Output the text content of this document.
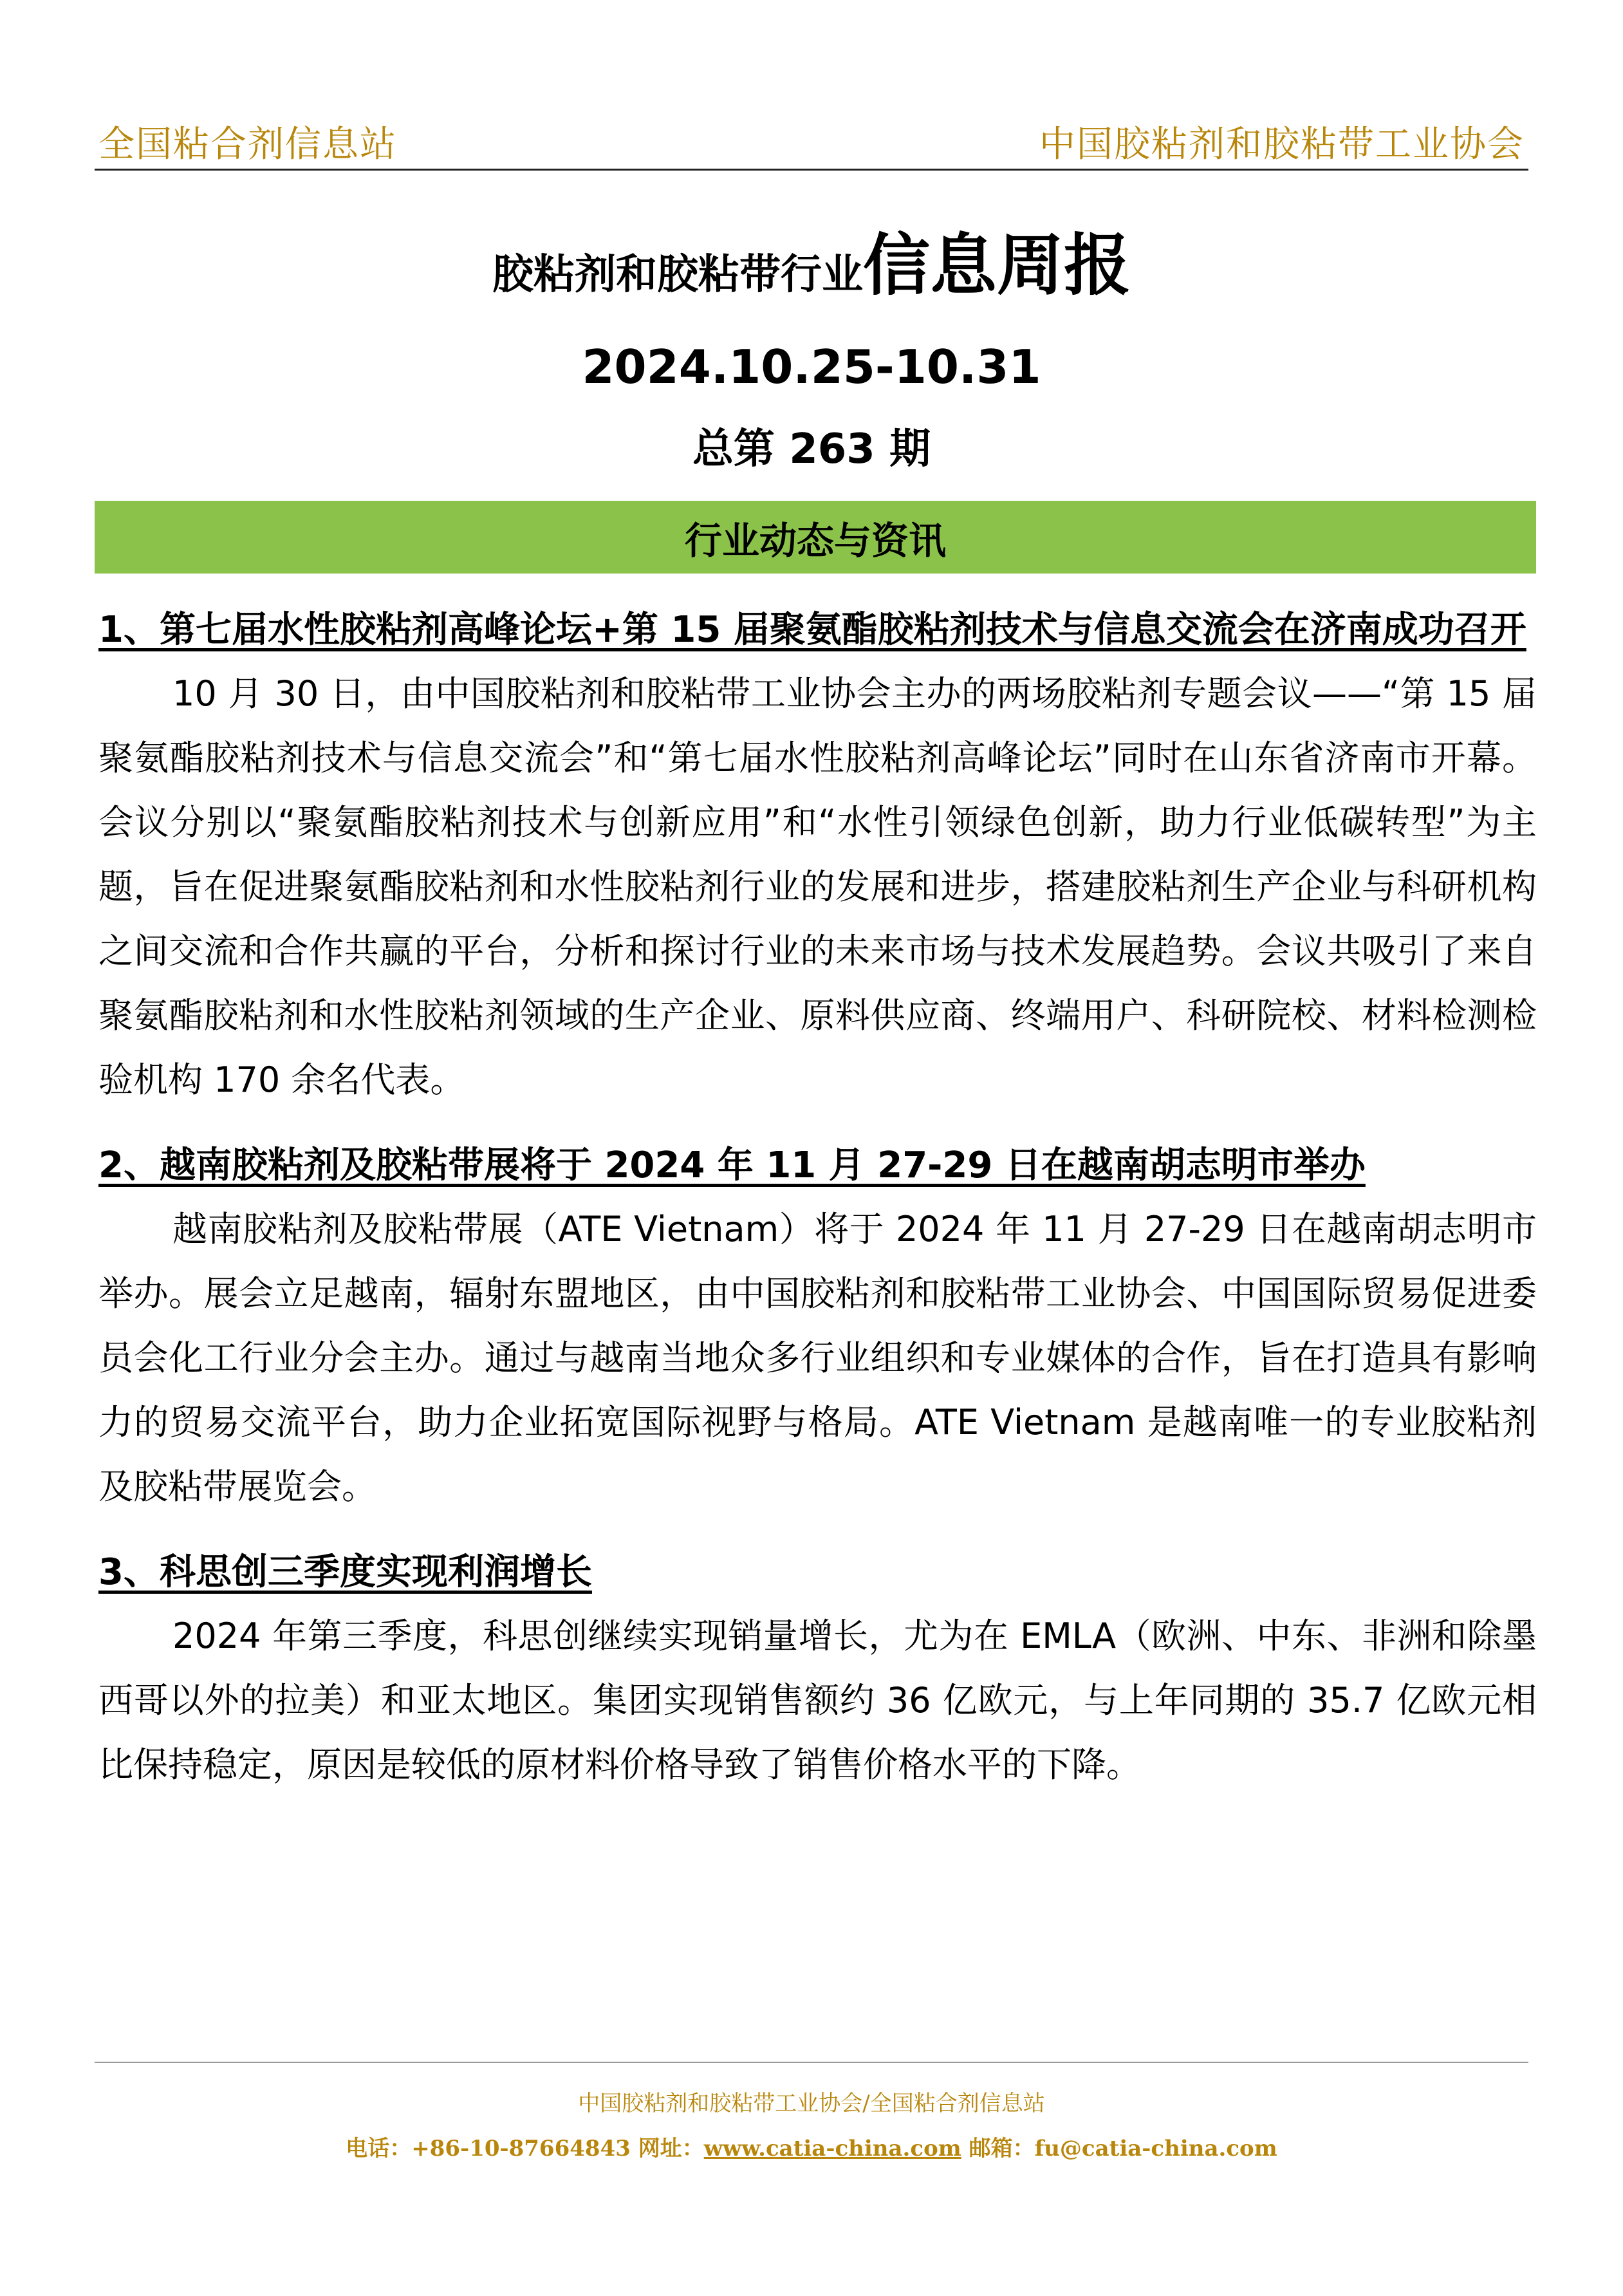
全国粘合剂信息站	中国胶粘剂和胶粘带工业协会
胶粘剂和胶粘带行业信息周报
2024.10.25-10.31
总第 263 期
行业动态与资讯

1、第七届水性胶粘剂高峰论坛+第 15 届聚氨酯胶粘剂技术与信息交流会在济南成功召开

10 月 30 日，由中国胶粘剂和胶粘带工业协会主办的两场胶粘剂专题会议——“第 15 届聚氨酯胶粘剂技术与信息交流会”和“第七届水性胶粘剂高峰论坛”同时在山东省济南市开幕。会议分别以“聚氨酯胶粘剂技术与创新应用”和“水性引领绿色创新，助力行业低碳转型”为主题，旨在促进聚氨酯胶粘剂和水性胶粘剂行业的发展和进步，搭建胶粘剂生产企业与科研机构之间交流和合作共赢的平台，分析和探讨行业的未来市场与技术发展趋势。会议共吸引了来自聚氨酯胶粘剂和水性胶粘剂领域的生产企业、原料供应商、终端用户、科研院校、材料检测检验机构 170 余名代表。

2、越南胶粘剂及胶粘带展将于 2024 年 11 月 27-29 日在越南胡志明市举办

越南胶粘剂及胶粘带展（ATE Vietnam）将于 2024 年 11 月 27-29 日在越南胡志明市举办。展会立足越南，辐射东盟地区，由中国胶粘剂和胶粘带工业协会、中国国际贸易促进委员会化工行业分会主办。通过与越南当地众多行业组织和专业媒体的合作，旨在打造具有影响力的贸易交流平台，助力企业拓宽国际视野与格局。ATE Vietnam 是越南唯一的专业胶粘剂及胶粘带展览会。

3、科思创三季度实现利润增长

2024 年第三季度，科思创继续实现销量增长，尤为在 EMLA（欧洲、中东、非洲和除墨西哥以外的拉美）和亚太地区。集团实现销售额约 36 亿欧元，与上年同期的 35.7 亿欧元相比保持稳定，原因是较低的原材料价格导致了销售价格水平的下降。

中国胶粘剂和胶粘带工业协会/全国粘合剂信息站
电话：+86-10-87664843 网址：www.catia-china.com 邮箱：fu@catia-china.com
